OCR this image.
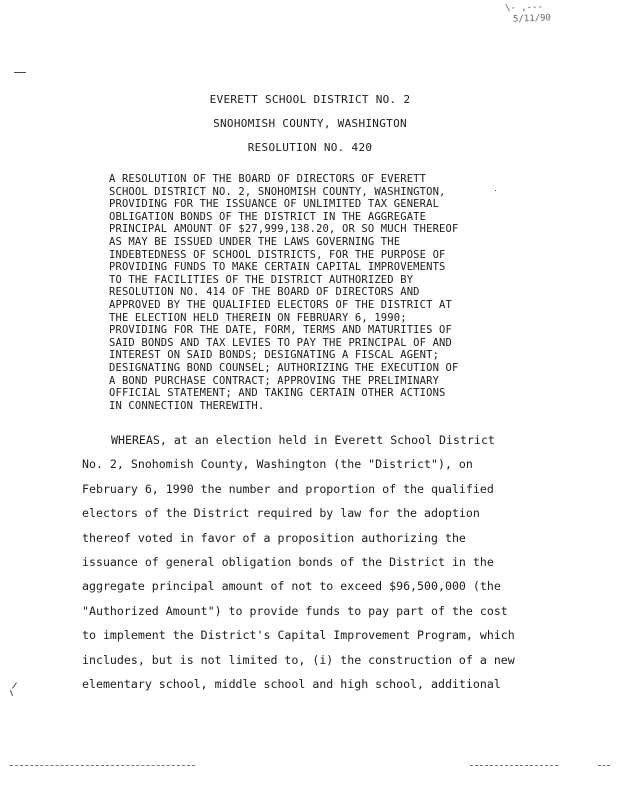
\- ,---
5/11/90
EVERETT SCHOOL DISTRICT NO. 2
SNOHOMISH COUNTY, WASHINGTON
RESOLUTION NO. 420
A RESOLUTION OF THE BOARD OF DIRECTORS OF EVERETT
SCHOOL DISTRICT NO. 2, SNOHOMISH COUNTY, WASHINGTON,
PROVIDING FOR THE ISSUANCE OF UNLIMITED TAX GENERAL
OBLIGATION BONDS OF THE DISTRICT IN THE AGGREGATE
PRINCIPAL AMOUNT OF $27,999,138.20, OR SO MUCH THEREOF
AS MAY BE ISSUED UNDER THE LAWS GOVERNING THE
INDEBTEDNESS OF SCHOOL DISTRICTS, FOR THE PURPOSE OF
PROVIDING FUNDS TO MAKE CERTAIN CAPITAL IMPROVEMENTS
TO THE FACILITIES OF THE DISTRICT AUTHORIZED BY
RESOLUTION NO. 414 OF THE BOARD OF DIRECTORS AND
APPROVED BY THE QUALIFIED ELECTORS OF THE DISTRICT AT
THE ELECTION HELD THEREIN ON FEBRUARY 6, 1990;
PROVIDING FOR THE DATE, FORM, TERMS AND MATURITIES OF
SAID BONDS AND TAX LEVIES TO PAY THE PRINCIPAL OF AND
INTEREST ON SAID BONDS; DESIGNATING A FISCAL AGENT;
DESIGNATING BOND COUNSEL; AUTHORIZING THE EXECUTION OF
A BOND PURCHASE CONTRACT; APPROVING THE PRELIMINARY
OFFICIAL STATEMENT; AND TAKING CERTAIN OTHER ACTIONS
IN CONNECTION THEREWITH.
WHEREAS, at an election held in Everett School District
No. 2, Snohomish County, Washington (the "District"), on
February 6, 1990 the number and proportion of the qualified
electors of the District required by law for the adoption
thereof voted in favor of a proposition authorizing the
issuance of general obligation bonds of the District in the
aggregate principal amount of not to exceed $96,500,000 (the
"Authorized Amount") to provide funds to pay part of the cost
to implement the District's Capital Improvement Program, which
includes, but is not limited to, (i) the construction of a new
elementary school, middle school and high school, additional
